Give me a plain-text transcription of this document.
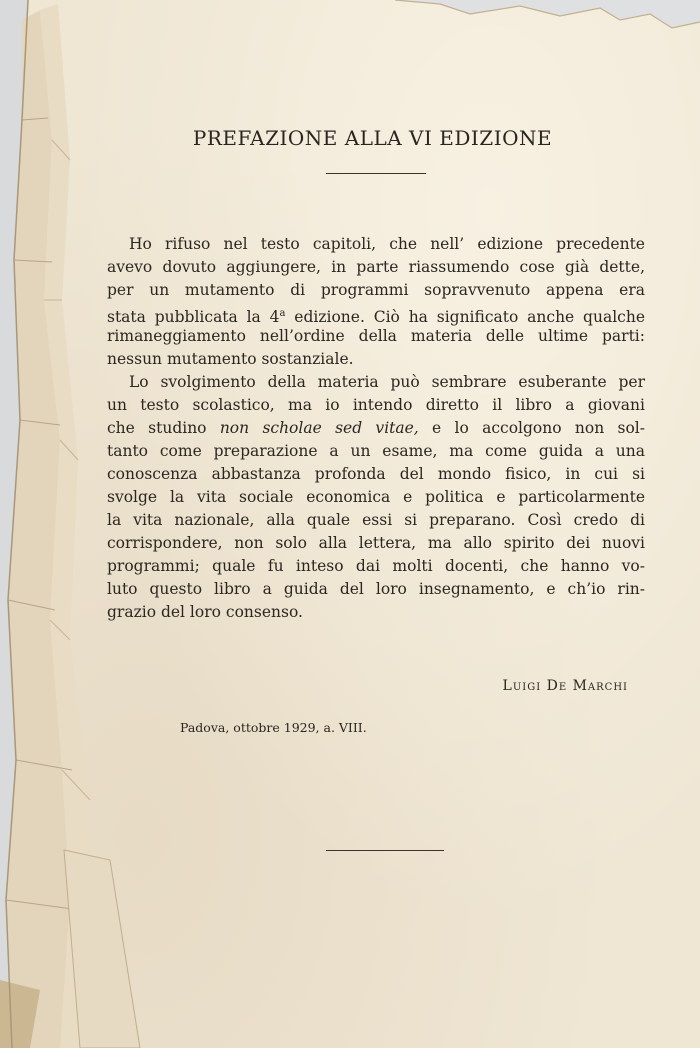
PREFAZIONE ALLA VI EDIZIONE
Ho rifuso nel testo capitoli, che nell’ edizione precedente
avevo dovuto aggiungere, in parte riassumendo cose già dette,
per un mutamento di programmi sopravvenuto appena era
stata pubblicata la 4$^a$ edizione. Ciò ha significato anche qualche
rimaneggiamento nell’ordine della materia delle ultime parti:
nessun mutamento sostanziale.
Lo svolgimento della materia può sembrare esuberante per
un testo scolastico, ma io intendo diretto il libro a giovani
che studino non scholae sed vitae, e lo accolgono non sol-
tanto come preparazione a un esame, ma come guida a una
conoscenza abbastanza profonda del mondo fisico, in cui si
svolge la vita sociale economica e politica e particolarmente
la vita nazionale, alla quale essi si preparano. Così credo di
corrispondere, non solo alla lettera, ma allo spirito dei nuovi
programmi; quale fu inteso dai molti docenti, che hanno vo-
luto questo libro a guida del loro insegnamento, e ch’io rin-
grazio del loro consenso.
Luigi De Marchi
Padova, ottobre 1929, a. VIII.
